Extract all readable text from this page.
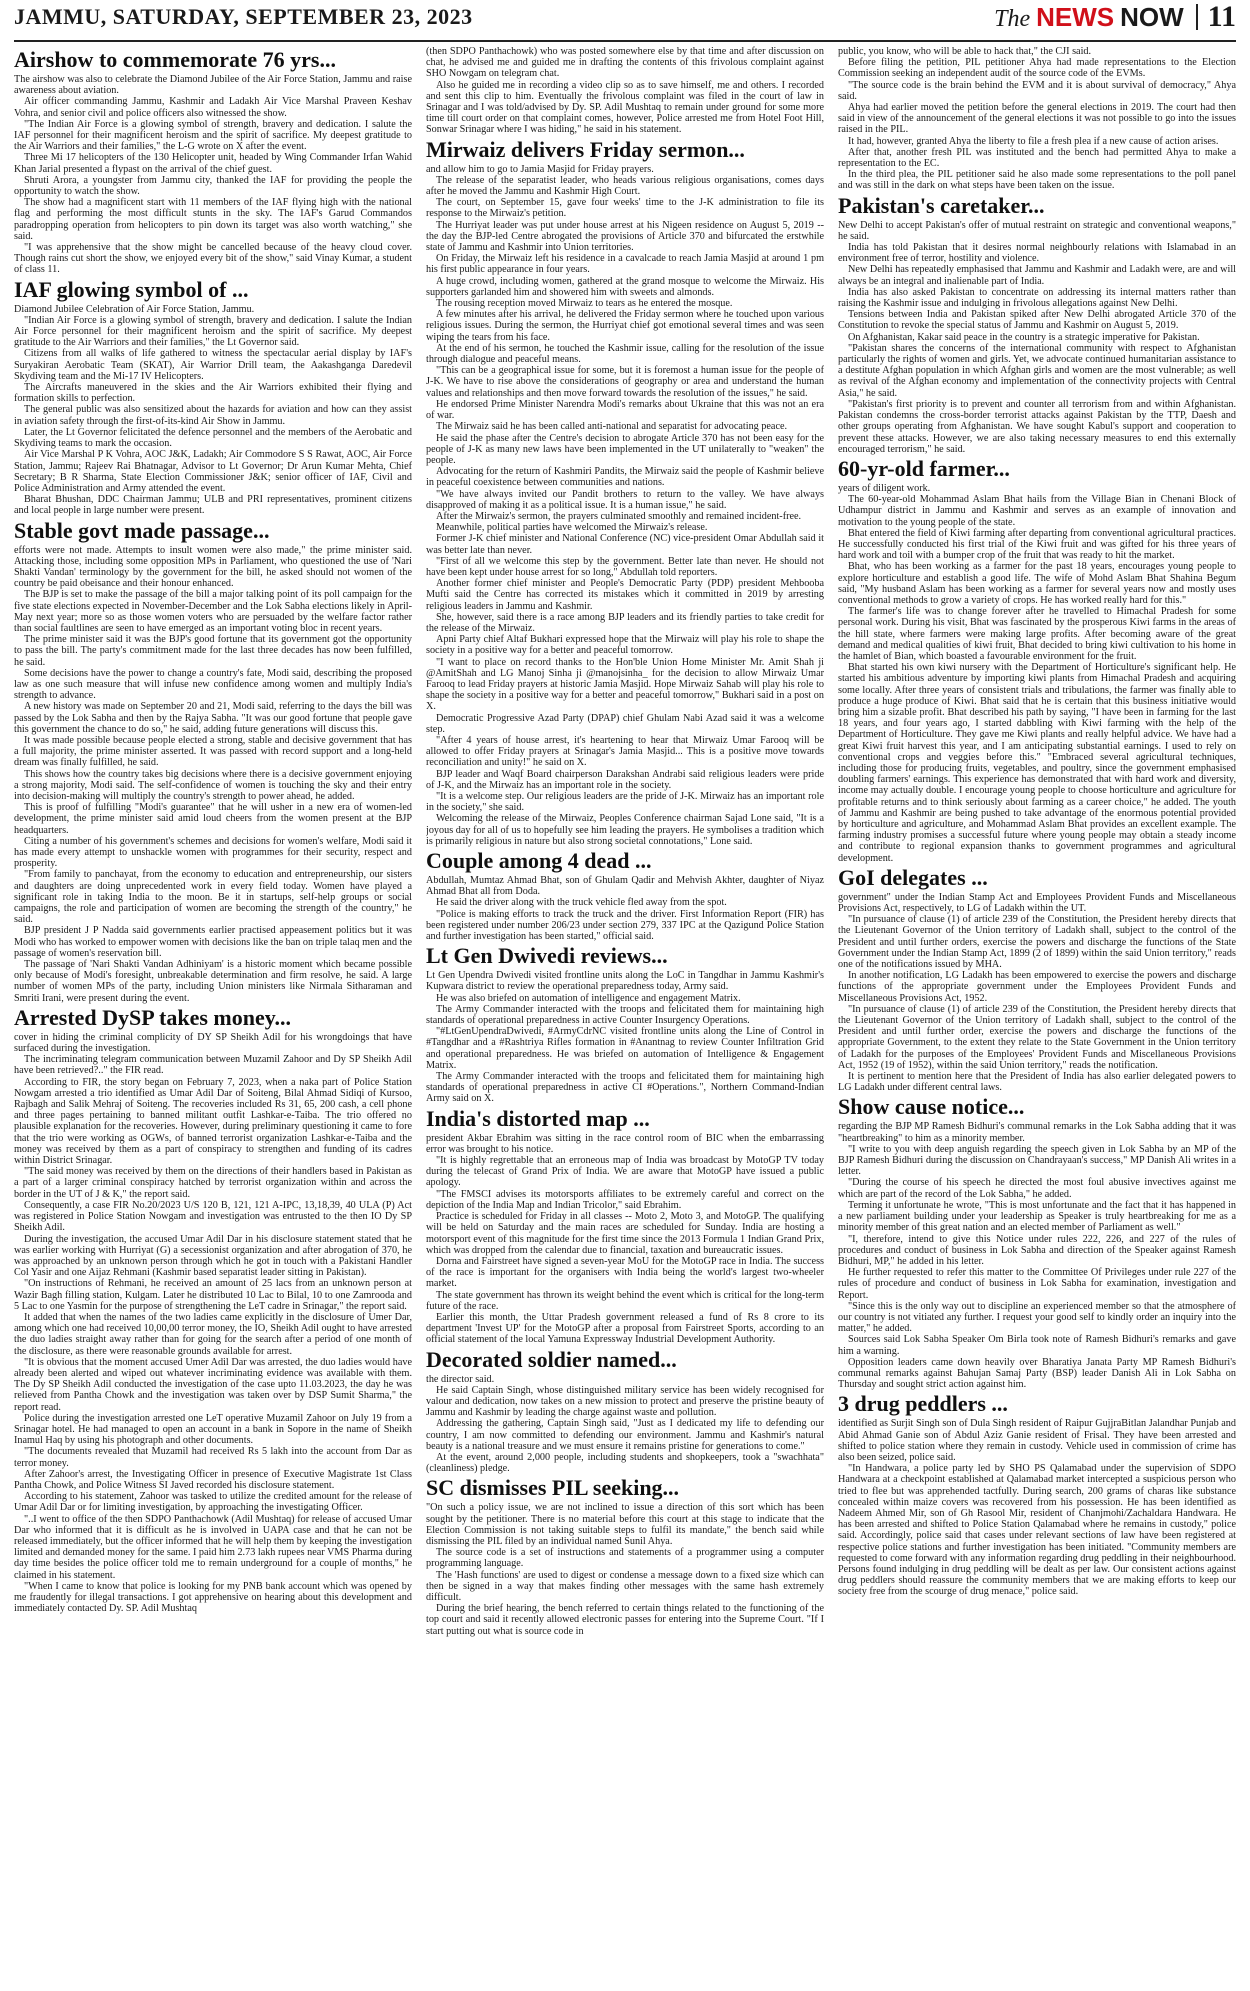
JAMMU, SATURDAY, SEPTEMBER 23, 2023	The NEWS NOW 11
Airshow to commemorate 76 yrs...

The airshow was also to celebrate the Diamond Jubilee of the Air Force Station, Jammu and raise awareness about aviation.

Air officer commanding Jammu, Kashmir and Ladakh Air Vice Marshal Praveen Keshav Vohra, and senior civil and police officers also witnessed the show.

"The Indian Air Force is a glowing symbol of strength, bravery and dedication. I salute the IAF personnel for their magnificent heroism and the spirit of sacrifice. My deepest gratitude to the Air Warriors and their families," the L-G wrote on X after the event.

Three Mi 17 helicopters of the 130 Helicopter unit, headed by Wing Commander Irfan Wahid Khan Jarial presented a flypast on the arrival of the chief guest.

Shruti Arora, a youngster from Jammu city, thanked the IAF for providing the people the opportunity to watch the show.

The show had a magnificent start with 11 members of the IAF flying high with the national flag and performing the most difficult stunts in the sky. The IAF's Garud Commandos paradropping operation from helicopters to pin down its target was also worth watching," she said.

"I was apprehensive that the show might be cancelled because of the heavy cloud cover. Though rains cut short the show, we enjoyed every bit of the show," said Vinay Kumar, a student of class 11.

IAF glowing symbol of ...

Diamond Jubilee Celebration of Air Force Station, Jammu.

"Indian Air Force is a glowing symbol of strength, bravery and dedication. I salute the Indian Air Force personnel for their magnificent heroism and the spirit of sacrifice. My deepest gratitude to the Air Warriors and their families," the Lt Governor said.

Citizens from all walks of life gathered to witness the spectacular aerial display by IAF's Suryakiran Aerobatic Team (SKAT), Air Warrior Drill team, the Aakashganga Daredevil Skydiving team and the Mi-17 IV Helicopters.

The Aircrafts maneuvered in the skies and the Air Warriors exhibited their flying and formation skills to perfection.

The general public was also sensitized about the hazards for aviation and how can they assist in aviation safety through the first-of-its-kind Air Show in Jammu.

Later, the Lt Governor felicitated the defence personnel and the members of the Aerobatic and Skydiving teams to mark the occasion.

Air Vice Marshal P K Vohra, AOC J&K, Ladakh; Air Commodore S S Rawat, AOC, Air Force Station, Jammu; Rajeev Rai Bhatnagar, Advisor to Lt Governor; Dr Arun Kumar Mehta, Chief Secretary; B R Sharma, State Election Commissioner J&K; senior officer of IAF, Civil and Police Administration and Army attended the event.

Bharat Bhushan, DDC Chairman Jammu; ULB and PRI representatives, prominent citizens and local people in large number were present.

Stable govt made passage...

efforts were not made. Attempts to insult women were also made," the prime minister said. Attacking those, including some opposition MPs in Parliament, who questioned the use of 'Nari Shakti Vandan' terminology by the government for the bill, he asked should not women of the country be paid obeisance and their honour enhanced.

The BJP is set to make the passage of the bill a major talking point of its poll campaign for the five state elections expected in November-December and the Lok Sabha elections likely in April-May next year; more so as those women voters who are persuaded by the welfare factor rather than social faultlines are seen to have emerged as an important voting bloc in recent years.

The prime minister said it was the BJP's good fortune that its government got the opportunity to pass the bill. The party's commitment made for the last three decades has now been fulfilled, he said.

Some decisions have the power to change a country's fate, Modi said, describing the proposed law as one such measure that will infuse new confidence among women and multiply India's strength to advance.

A new history was made on September 20 and 21, Modi said, referring to the days the bill was passed by the Lok Sabha and then by the Rajya Sabha. "It was our good fortune that people gave this government the chance to do so," he said, adding future generations will discuss this.

It was made possible because people elected a strong, stable and decisive government that has a full majority, the prime minister asserted. It was passed with record support and a long-held dream was finally fulfilled, he said.

This shows how the country takes big decisions where there is a decisive government enjoying a strong majority, Modi said. The self-confidence of women is touching the sky and their entry into decision-making will multiply the country's strength to power ahead, he added.

This is proof of fulfilling "Modi's guarantee" that he will usher in a new era of women-led development, the prime minister said amid loud cheers from the women present at the BJP headquarters.

Citing a number of his government's schemes and decisions for women's welfare, Modi said it has made every attempt to unshackle women with programmes for their security, respect and prosperity.

"From family to panchayat, from the economy to education and entrepreneurship, our sisters and daughters are doing unprecedented work in every field today. Women have played a significant role in taking India to the moon. Be it in startups, self-help groups or social campaigns, the role and participation of women are becoming the strength of the country," he said.

BJP president J P Nadda said governments earlier practised appeasement politics but it was Modi who has worked to empower women with decisions like the ban on triple talaq men and the passage of women's reservation bill.

The passage of 'Nari Shakti Vandan Adhiniyam' is a historic moment which became possible only because of Modi's foresight, unbreakable determination and firm resolve, he said. A large number of women MPs of the party, including Union ministers like Nirmala Sitharaman and Smriti Irani, were present during the event.

Arrested DySP takes money...

cover in hiding the criminal complicity of DY SP Sheikh Adil for his wrongdoings that have surfaced during the investigation.

The incriminating telegram communication between Muzamil Zahoor and Dy SP Sheikh Adil have been retrieved?.." the FIR read.

According to FIR, the story began on February 7, 2023, when a naka part of Police Station Nowgam arrested a trio identified as Umar Adil Dar of Soiteng, Bilal Ahmad Sidiqi of Kursoo, Rajbagh and Salik Mehraj of Soiteng. The recoveries included Rs 31, 65, 200 cash, a cell phone and three pages pertaining to banned militant outfit Lashkar-e-Taiba. The trio offered no plausible explanation for the recoveries. However, during preliminary questioning it came to fore that the trio were working as OGWs, of banned terrorist organization Lashkar-e-Taiba and the money was received by them as a part of conspiracy to strengthen and funding of its cadres within District Srinagar.

"The said money was received by them on the directions of their handlers based in Pakistan as a part of a larger criminal conspiracy hatched by terrorist organization within and across the border in the UT of J & K," the report said.

Consequently, a case FIR No.20/2023 U/S 120 B, 121, 121 A-IPC, 13,18,39, 40 ULA (P) Act was registered in Police Station Nowgam and investigation was entrusted to the then IO Dy SP Sheikh Adil.

During the investigation, the accused Umar Adil Dar in his disclosure statement stated that he was earlier working with Hurriyat (G) a secessionist organization and after abrogation of 370, he was approached by an unknown person through which he got in touch with a Pakistani Handler Col Yasir and one Aijaz Rehmani (Kashmir based separatist leader sitting in Pakistan).

"On instructions of Rehmani, he received an amount of 25 lacs from an unknown person at Wazir Bagh filling station, Kulgam. Later he distributed 10 Lac to Bilal, 10 to one Zamrooda and 5 Lac to one Yasmin for the purpose of strengthening the LeT cadre in Srinagar," the report said.

It added that when the names of the two ladies came explicitly in the disclosure of Umer Dar, among which one had received 10,00,00 terror money, the IO, Sheikh Adil ought to have arrested the duo ladies straight away rather than for going for the search after a period of one month of the disclosure, as there were reasonable grounds available for arrest.

"It is obvious that the moment accused Umer Adil Dar was arrested, the duo ladies would have already been alerted and wiped out whatever incriminating evidence was available with them. The Dy SP Sheikh Adil conducted the investigation of the case upto 11.03.2023, the day he was relieved from Pantha Chowk and the investigation was taken over by DSP Sumit Sharma," the report read.

Police during the investigation arrested one LeT operative Muzamil Zahoor on July 19 from a Srinagar hotel. He had managed to open an account in a bank in Sopore in the name of Sheikh Inamul Haq by using his photograph and other documents.

"The documents revealed that Muzamil had received Rs 5 lakh into the account from Dar as terror money.

After Zahoor's arrest, the Investigating Officer in presence of Executive Magistrate 1st Class Pantha Chowk, and Police Witness SI Javed recorded his disclosure statement.

According to his statement, Zahoor was tasked to utilize the credited amount for the release of Umar Adil Dar or for limiting investigation, by approaching the investigating Officer.

"..I went to office of the then SDPO Panthachowk (Adil Mushtaq) for release of accused Umar Dar who informed that it is difficult as he is involved in UAPA case and that he can not be released immediately, but the officer informed that he will help them by keeping the investigation limited and demanded money for the same. I paid him 2.73 lakh rupees near VMS Pharma during day time besides the police officer told me to remain underground for a couple of months," he claimed in his statement.

"When I came to know that police is looking for my PNB bank account which was opened by me fraudently for illegal transactions. I got apprehensive on hearing about this development and immediately contacted Dy. SP. Adil Mushtaq

(then SDPO Panthachowk) who was posted somewhere else by that time and after discussion on chat, he advised me and guided me in drafting the contents of this frivolous complaint against SHO Nowgam on telegram chat.

Also he guided me in recording a video clip so as to save himself, me and others. I recorded and sent this clip to him. Eventually the frivolous complaint was filed in the court of law in Srinagar and I was told/advised by Dy. SP. Adil Mushtaq to remain under ground for some more time till court order on that complaint comes, however, Police arrested me from Hotel Foot Hill, Sonwar Srinagar where I was hiding," he said in his statement.

Mirwaiz delivers Friday sermon...

and allow him to go to Jamia Masjid for Friday prayers.

The release of the separatist leader, who heads various religious organisations, comes days after he moved the Jammu and Kashmir High Court.

The court, on September 15, gave four weeks' time to the J-K administration to file its response to the Mirwaiz's petition.

The Hurriyat leader was put under house arrest at his Nigeen residence on August 5, 2019 -- the day the BJP-led Centre abrogated the provisions of Article 370 and bifurcated the erstwhile state of Jammu and Kashmir into Union territories.

On Friday, the Mirwaiz left his residence in a cavalcade to reach Jamia Masjid at around 1 pm his first public appearance in four years.

A huge crowd, including women, gathered at the grand mosque to welcome the Mirwaiz. His supporters garlanded him and showered him with sweets and almonds.

The rousing reception moved Mirwaiz to tears as he entered the mosque.

A few minutes after his arrival, he delivered the Friday sermon where he touched upon various religious issues. During the sermon, the Hurriyat chief got emotional several times and was seen wiping the tears from his face.

At the end of his sermon, he touched the Kashmir issue, calling for the resolution of the issue through dialogue and peaceful means.

"This can be a geographical issue for some, but it is foremost a human issue for the people of J-K. We have to rise above the considerations of geography or area and understand the human values and relationships and then move forward towards the resolution of the issues," he said.

He endorsed Prime Minister Narendra Modi's remarks about Ukraine that this was not an era of war.

The Mirwaiz said he has been called anti-national and separatist for advocating peace.

He said the phase after the Centre's decision to abrogate Article 370 has not been easy for the people of J-K as many new laws have been implemented in the UT unilaterally to "weaken" the people.

Advocating for the return of Kashmiri Pandits, the Mirwaiz said the people of Kashmir believe in peaceful coexistence between communities and nations.

"We have always invited our Pandit brothers to return to the valley. We have always disapproved of making it as a political issue. It is a human issue," he said.

After the Mirwaiz's sermon, the prayers culminated smoothly and remained incident-free.

Meanwhile, political parties have welcomed the Mirwaiz's release.

Former J-K chief minister and National Conference (NC) vice-president Omar Abdullah said it was better late than never.

"First of all we welcome this step by the government. Better late than never. He should not have been kept under house arrest for so long," Abdullah told reporters.

Another former chief minister and People's Democratic Party (PDP) president Mehbooba Mufti said the Centre has corrected its mistakes which it committed in 2019 by arresting religious leaders in Jammu and Kashmir.

She, however, said there is a race among BJP leaders and its friendly parties to take credit for the release of the Mirwaiz.

Apni Party chief Altaf Bukhari expressed hope that the Mirwaiz will play his role to shape the society in a positive way for a better and peaceful tomorrow.

"I want to place on record thanks to the Hon'ble Union Home Minister Mr. Amit Shah ji @AmitShah and LG Manoj Sinha ji @manojsinha_ for the decision to allow Mirwaiz Umar Farooq to lead Friday prayers at historic Jamia Masjid. Hope Mirwaiz Sahab will play his role to shape the society in a positive way for a better and peaceful tomorrow," Bukhari said in a post on X.

Democratic Progressive Azad Party (DPAP) chief Ghulam Nabi Azad said it was a welcome step.

"After 4 years of house arrest, it's heartening to hear that Mirwaiz Umar Farooq will be allowed to offer Friday prayers at Srinagar's Jamia Masjid... This is a positive move towards reconciliation and unity!" he said on X.

BJP leader and Waqf Board chairperson Darakshan Andrabi said religious leaders were pride of J-K, and the Mirwaiz has an important role in the society.

"It is a welcome step. Our religious leaders are the pride of J-K. Mirwaiz has an important role in the society," she said.

Welcoming the release of the Mirwaiz, Peoples Conference chairman Sajad Lone said, "It is a joyous day for all of us to hopefully see him leading the prayers. He symbolises a tradition which is primarily religious in nature but also strong societal connotations," Lone said.

Couple among 4 dead ...

Abdullah, Mumtaz Ahmad Bhat, son of Ghulam Qadir and Mehvish Akhter, daughter of Niyaz Ahmad Bhat all from Doda.

He said the driver along with the truck vehicle fled away from the spot.

"Police is making efforts to track the truck and the driver. First Information Report (FIR) has been registered under number 206/23 under section 279, 337 IPC at the Qazigund Police Station and further investigation has been started," official said.

Lt Gen Dwivedi reviews...

Lt Gen Upendra Dwivedi visited frontline units along the LoC in Tangdhar in Jammu Kashmir's Kupwara district to review the operational preparedness today, Army said.

He was also briefed on automation of intelligence and engagement Matrix.

The Army Commander interacted with the troops and felicitated them for maintaining high standards of operational preparedness in active Counter Insurgency Operations.

"#LtGenUpendraDwivedi, #ArmyCdrNC visited frontline units along the Line of Control in #Tangdhar and a #Rashtriya Rifles formation in #Anantnag to review Counter Infiltration Grid and operational preparedness. He was briefed on automation of Intelligence & Engagement Matrix.

The Army Commander interacted with the troops and felicitated them for maintaining high standards of operational preparedness in active CI #Operations.", Northern Command-Indian Army said on X.

India's distorted map ...

president Akbar Ebrahim was sitting in the race control room of BIC when the embarrassing error was brought to his notice.

"It is highly regrettable that an erroneous map of India was broadcast by MotoGP TV today during the telecast of Grand Prix of India. We are aware that MotoGP have issued a public apology.

"The FMSCI advises its motorsports affiliates to be extremely careful and correct on the depiction of the India Map and Indian Tricolor," said Ebrahim.

Practice is scheduled for Friday in all classes -- Moto 2, Moto 3, and MotoGP. The qualifying will be held on Saturday and the main races are scheduled for Sunday. India are hosting a motorsport event of this magnitude for the first time since the 2013 Formula 1 Indian Grand Prix, which was dropped from the calendar due to financial, taxation and bureaucratic issues.

Dorna and Fairstreet have signed a seven-year MoU for the MotoGP race in India. The success of the race is important for the organisers with India being the world's largest two-wheeler market.

The state government has thrown its weight behind the event which is critical for the long-term future of the race.

Earlier this month, the Uttar Pradesh government released a fund of Rs 8 crore to its department 'Invest UP' for the MotoGP after a proposal from Fairstreet Sports, according to an official statement of the local Yamuna Expressway Industrial Development Authority.

Decorated soldier named...

the director said.

He said Captain Singh, whose distinguished military service has been widely recognised for valour and dedication, now takes on a new mission to protect and preserve the pristine beauty of Jammu and Kashmir by leading the charge against waste and pollution.

Addressing the gathering, Captain Singh said, "Just as I dedicated my life to defending our country, I am now committed to defending our environment. Jammu and Kashmir's natural beauty is a national treasure and we must ensure it remains pristine for generations to come."

At the event, around 2,000 people, including students and shopkeepers, took a "swachhata" (cleanliness) pledge.

SC dismisses PIL seeking...

"On such a policy issue, we are not inclined to issue a direction of this sort which has been sought by the petitioner. There is no material before this court at this stage to indicate that the Election Commission is not taking suitable steps to fulfil its mandate," the bench said while dismissing the PIL filed by an individual named Sunil Ahya.

The source code is a set of instructions and statements of a programmer using a computer programming language.

The 'Hash functions' are used to digest or condense a message down to a fixed size which can then be signed in a way that makes finding other messages with the same hash extremely difficult.

During the brief hearing, the bench referred to certain things related to the functioning of the top court and said it recently allowed electronic passes for entering into the Supreme Court. "If I start putting out what is source code in

public, you know, who will be able to hack that," the CJI said.

Before filing the petition, PIL petitioner Ahya had made representations to the Election Commission seeking an independent audit of the source code of the EVMs.

"The source code is the brain behind the EVM and it is about survival of democracy," Ahya said.

Ahya had earlier moved the petition before the general elections in 2019. The court had then said in view of the announcement of the general elections it was not possible to go into the issues raised in the PIL.

It had, however, granted Ahya the liberty to file a fresh plea if a new cause of action arises.

After that, another fresh PIL was instituted and the bench had permitted Ahya to make a representation to the EC.

In the third plea, the PIL petitioner said he also made some representations to the poll panel and was still in the dark on what steps have been taken on the issue.

Pakistan's caretaker...

New Delhi to accept Pakistan's offer of mutual restraint on strategic and conventional weapons," he said.

India has told Pakistan that it desires normal neighbourly relations with Islamabad in an environment free of terror, hostility and violence.

New Delhi has repeatedly emphasised that Jammu and Kashmir and Ladakh were, are and will always be an integral and inalienable part of India.

India has also asked Pakistan to concentrate on addressing its internal matters rather than raising the Kashmir issue and indulging in frivolous allegations against New Delhi.

Tensions between India and Pakistan spiked after New Delhi abrogated Article 370 of the Constitution to revoke the special status of Jammu and Kashmir on August 5, 2019.

On Afghanistan, Kakar said peace in the country is a strategic imperative for Pakistan.

"Pakistan shares the concerns of the international community with respect to Afghanistan particularly the rights of women and girls. Yet, we advocate continued humanitarian assistance to a destitute Afghan population in which Afghan girls and women are the most vulnerable; as well as revival of the Afghan economy and implementation of the connectivity projects with Central Asia," he said.

"Pakistan's first priority is to prevent and counter all terrorism from and within Afghanistan. Pakistan condemns the cross-border terrorist attacks against Pakistan by the TTP, Daesh and other groups operating from Afghanistan. We have sought Kabul's support and cooperation to prevent these attacks. However, we are also taking necessary measures to end this externally encouraged terrorism," he said.

60-yr-old farmer...

years of diligent work.

The 60-year-old Mohammad Aslam Bhat hails from the Village Bian in Chenani Block of Udhampur district in Jammu and Kashmir and serves as an example of innovation and motivation to the young people of the state.

Bhat entered the field of Kiwi farming after departing from conventional agricultural practices. He successfully conducted his first trial of the Kiwi fruit and was gifted for his three years of hard work and toil with a bumper crop of the fruit that was ready to hit the market.

Bhat, who has been working as a farmer for the past 18 years, encourages young people to explore horticulture and establish a good life. The wife of Mohd Aslam Bhat Shahina Begum said, "My husband Aslam has been working as a farmer for several years now and mostly uses conventional methods to grow a variety of crops. He has worked really hard for this."

The farmer's life was to change forever after he travelled to Himachal Pradesh for some personal work. During his visit, Bhat was fascinated by the prosperous Kiwi farms in the areas of the hill state, where farmers were making large profits. After becoming aware of the great demand and medical qualities of kiwi fruit, Bhat decided to bring kiwi cultivation to his home in the hamlet of Bian, which boasted a favourable environment for the fruit.

Bhat started his own kiwi nursery with the Department of Horticulture's significant help. He started his ambitious adventure by importing kiwi plants from Himachal Pradesh and acquiring some locally. After three years of consistent trials and tribulations, the farmer was finally able to produce a huge produce of Kiwi. Bhat said that he is certain that this business initiative would bring him a sizable profit. Bhat described his path by saying, "I have been in farming for the last 18 years, and four years ago, I started dabbling with Kiwi farming with the help of the Department of Horticulture. They gave me Kiwi plants and really helpful advice. We have had a great Kiwi fruit harvest this year, and I am anticipating substantial earnings. I used to rely on conventional crops and veggies before this." "Embraced several agricultural techniques, including those for producing fruits, vegetables, and poultry, since the government emphasised doubling farmers' earnings. This experience has demonstrated that with hard work and diversity, income may actually double. I encourage young people to choose horticulture and agriculture for profitable returns and to think seriously about farming as a career choice," he added. The youth of Jammu and Kashmir are being pushed to take advantage of the enormous potential provided by horticulture and agriculture, and Mohammad Aslam Bhat provides an excellent example. The farming industry promises a successful future where young people may obtain a steady income and contribute to regional expansion thanks to government programmes and agricultural development.

GoI delegates ...

government" under the Indian Stamp Act and Employees Provident Funds and Miscellaneous Provisions Act, respectively, to LG of Ladakh within the UT.

"In pursuance of clause (1) of article 239 of the Constitution, the President hereby directs that the Lieutenant Governor of the Union territory of Ladakh shall, subject to the control of the President and until further orders, exercise the powers and discharge the functions of the State Government under the Indian Stamp Act, 1899 (2 of 1899) within the said Union territory," reads one of the notifications issued by MHA.

In another notification, LG Ladakh has been empowered to exercise the powers and discharge functions of the appropriate government under the Employees Provident Funds and Miscellaneous Provisions Act, 1952.

"In pursuance of clause (1) of article 239 of the Constitution, the President hereby directs that the Lieutenant Governor of the Union territory of Ladakh shall, subject to the control of the President and until further order, exercise the powers and discharge the functions of the appropriate Government, to the extent they relate to the State Government in the Union territory of Ladakh for the purposes of the Employees' Provident Funds and Miscellaneous Provisions Act, 1952 (19 of 1952), within the said Union territory," reads the notification.

It is pertinent to mention here that the President of India has also earlier delegated powers to LG Ladakh under different central laws.

Show cause notice...

regarding the BJP MP Ramesh Bidhuri's communal remarks in the Lok Sabha adding that it was "heartbreaking" to him as a minority member.

"I write to you with deep anguish regarding the speech given in Lok Sabha by an MP of the BJP Ramesh Bidhuri during the discussion on Chandrayaan's success," MP Danish Ali writes in a letter.

"During the course of his speech he directed the most foul abusive invectives against me which are part of the record of the Lok Sabha," he added.

Terming it unfortunate he wrote, "This is most unfortunate and the fact that it has happened in a new parliament building under your leadership as Speaker is truly heartbreaking for me as a minority member of this great nation and an elected member of Parliament as well."

"I, therefore, intend to give this Notice under rules 222, 226, and 227 of the rules of procedures and conduct of business in Lok Sabha and direction of the Speaker against Ramesh Bidhuri, MP," he added in his letter.

He further requested to refer this matter to the Committee Of Privileges under rule 227 of the rules of procedure and conduct of business in Lok Sabha for examination, investigation and Report.

"Since this is the only way out to discipline an experienced member so that the atmosphere of our country is not vitiated any further. I request your good self to kindly order an inquiry into the matter," he added.

Sources said Lok Sabha Speaker Om Birla took note of Ramesh Bidhuri's remarks and gave him a warning.

Opposition leaders came down heavily over Bharatiya Janata Party MP Ramesh Bidhuri's communal remarks against Bahujan Samaj Party (BSP) leader Danish Ali in Lok Sabha on Thursday and sought strict action against him.

3 drug peddlers ...

identified as Surjit Singh son of Dula Singh resident of Raipur GujjraBitlan Jalandhar Punjab and Abid Ahmad Ganie son of Abdul Aziz Ganie resident of Frisal. They have been arrested and shifted to police station where they remain in custody. Vehicle used in commission of crime has also been seized, police said.

"In Handwara, a police party led by SHO PS Qalamabad under the supervision of SDPO Handwara at a checkpoint established at Qalamabad market intercepted a suspicious person who tried to flee but was apprehended tactfully. During search, 200 grams of charas like substance concealed within maize covers was recovered from his possession. He has been identified as Nadeem Ahmed Mir, son of Gh Rasool Mir, resident of Chanjmohi/Zachaldara Handwara. He has been arrested and shifted to Police Station Qalamabad where he remains in custody," police said. Accordingly, police said that cases under relevant sections of law have been registered at respective police stations and further investigation has been initiated. "Community members are requested to come forward with any information regarding drug peddling in their neighbourhood. Persons found indulging in drug peddling will be dealt as per law. Our consistent actions against drug peddlers should reassure the community members that we are making efforts to keep our society free from the scourge of drug menace," police said.
